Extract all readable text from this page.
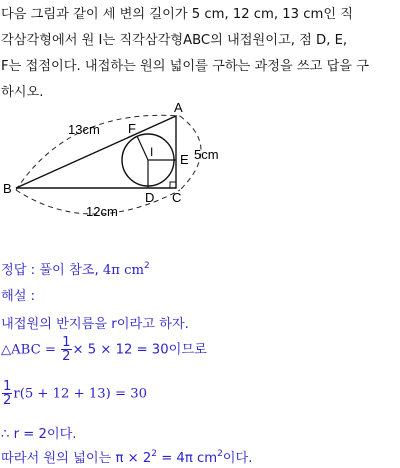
다음 그림과 같이 세 변의 길이가 5 cm, 12 cm, 13 cm인 직
각삼각형에서 원 I는 직각삼각형ABC의 내접원이고, 점 D, E,
F는 접점이다. 내접하는 원의 넓이를 구하는 과정을 쓰고 답을 구
하시오.
A
B
C
D
E
F
I
13cm
5cm
12cm
정답 : 풀이 참조, 4π $cm^2$
해설 :
내접원의 반지름을 r이라고 하자.
△ABC = $\frac{1}{2} \times 5 \times 12 = 30$이므로
$\frac{1}{2} r(5 + 12 + 13) = 30$
∴ r = 2이다.
따라서 원의 넓이는 $\pi \times 2^2 = 4\pi$ $cm^2$이다.
